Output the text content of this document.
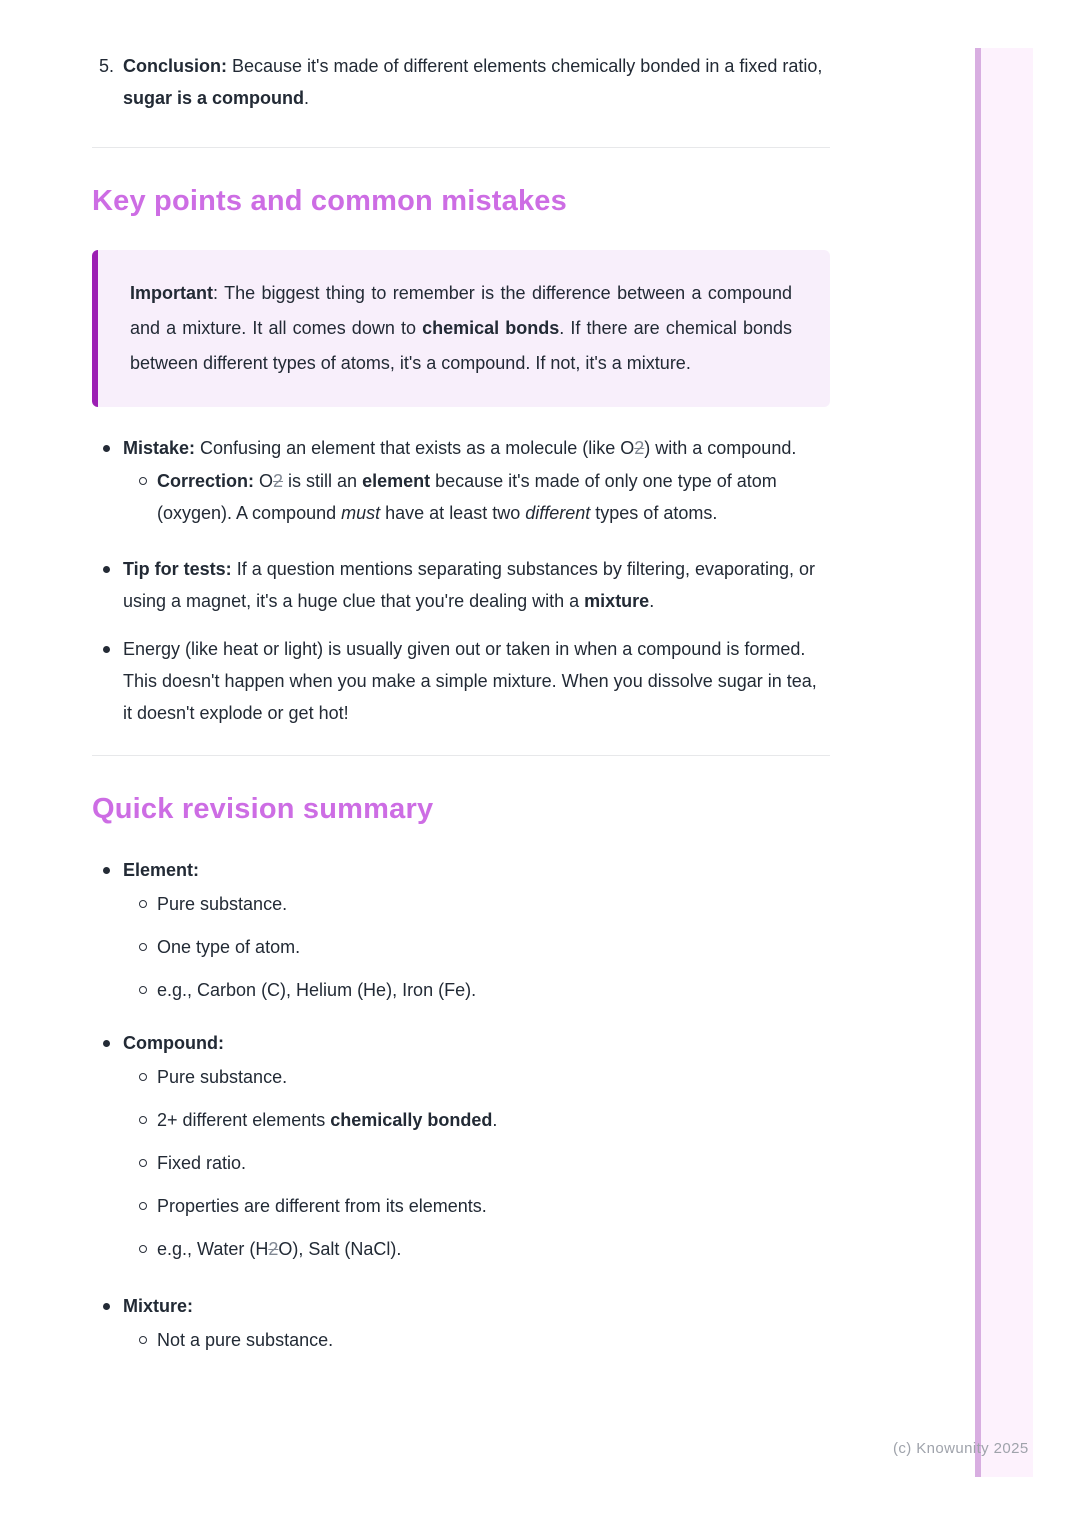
5. Conclusion: Because it's made of different elements chemically bonded in a fixed ratio, sugar is a compound.
Key points and common mistakes
Important: The biggest thing to remember is the difference between a compound and a mixture. It all comes down to chemical bonds. If there are chemical bonds between different types of atoms, it's a compound. If not, it's a mixture.
Mistake: Confusing an element that exists as a molecule (like O2) with a compound.
Correction: O2 is still an element because it's made of only one type of atom (oxygen). A compound must have at least two different types of atoms.
Tip for tests: If a question mentions separating substances by filtering, evaporating, or using a magnet, it's a huge clue that you're dealing with a mixture.
Energy (like heat or light) is usually given out or taken in when a compound is formed. This doesn't happen when you make a simple mixture. When you dissolve sugar in tea, it doesn't explode or get hot!
Quick revision summary
Element:
Pure substance.
One type of atom.
e.g., Carbon (C), Helium (He), Iron (Fe).
Compound:
Pure substance.
2+ different elements chemically bonded.
Fixed ratio.
Properties are different from its elements.
e.g., Water (H2O), Salt (NaCl).
Mixture:
Not a pure substance.
(c) Knowunity 2025
